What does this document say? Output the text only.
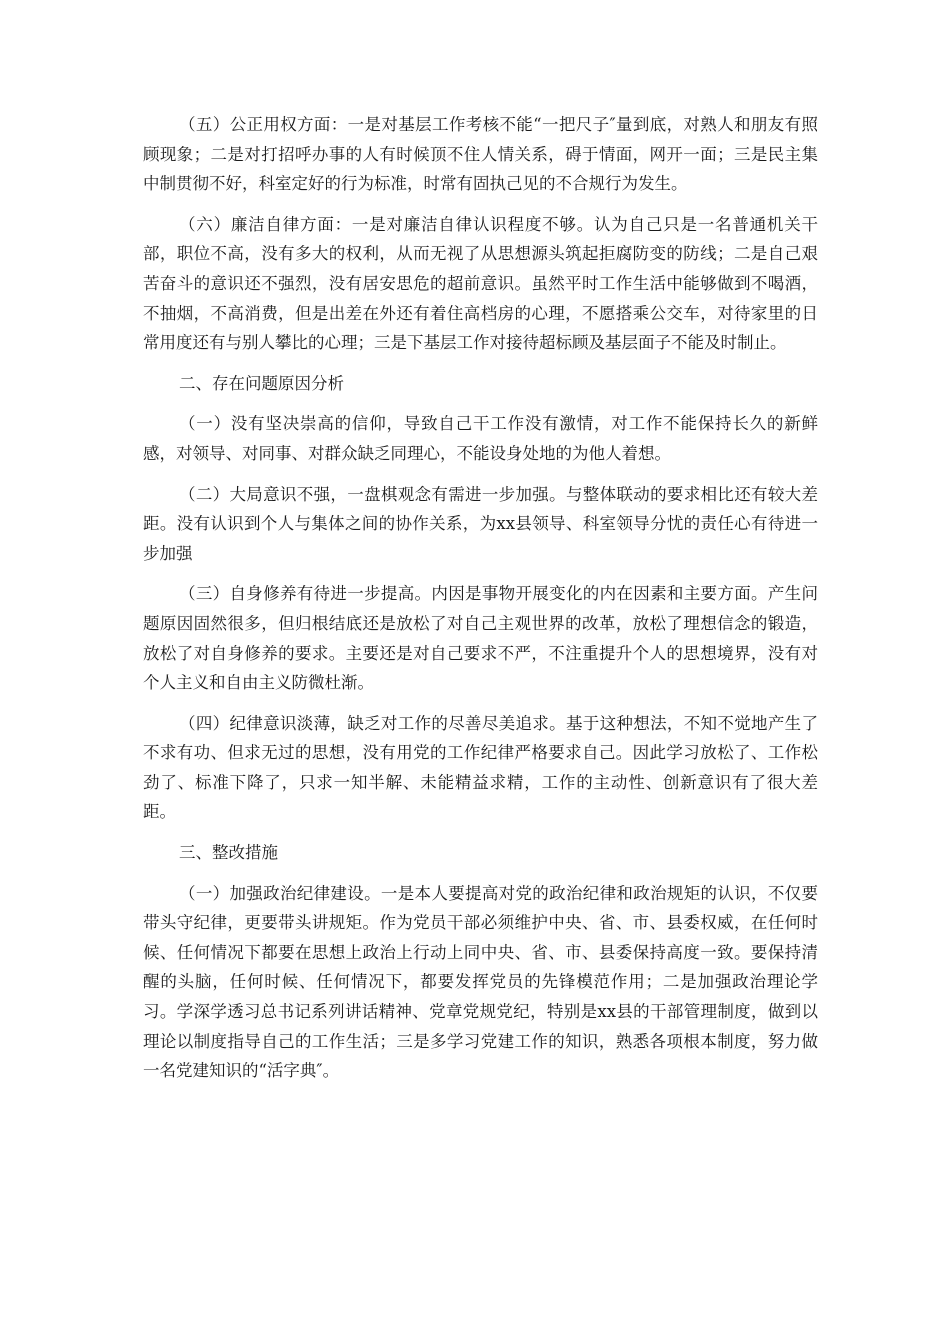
（五）公正用权方面：一是对基层工作考核不能“一把尺子″量到底，对熟人和朋友有照顾现象；二是对打招呼办事的人有时候顶不住人情关系，碍于情面，网开一面；三是民主集中制贯彻不好，科室定好的行为标准，时常有固执己见的不合规行为发生。

（六）廉洁自律方面：一是对廉洁自律认识程度不够。认为自己只是一名普通机关干部，职位不高，没有多大的权利，从而无视了从思想源头筑起拒腐防变的防线；二是自己艰苦奋斗的意识还不强烈，没有居安思危的超前意识。虽然平时工作生活中能够做到不喝酒，不抽烟，不高消费，但是出差在外还有着住高档房的心理，不愿搭乘公交车，对待家里的日常用度还有与别人攀比的心理；三是下基层工作对接待超标顾及基层面子不能及时制止。

二、存在问题原因分析

（一）没有坚决崇高的信仰，导致自己干工作没有激情，对工作不能保持长久的新鲜感，对领导、对同事、对群众缺乏同理心，不能设身处地的为他人着想。

（二）大局意识不强，一盘棋观念有需进一步加强。与整体联动的要求相比还有较大差距。没有认识到个人与集体之间的协作关系，为xx县领导、科室领导分忧的责任心有待进一步加强

（三）自身修养有待进一步提高。内因是事物开展变化的内在因素和主要方面。产生问题原因固然很多，但归根结底还是放松了对自己主观世界的改革，放松了理想信念的锻造，放松了对自身修养的要求。主要还是对自己要求不严，不注重提升个人的思想境界，没有对个人主义和自由主义防微杜渐。

（四）纪律意识淡薄，缺乏对工作的尽善尽美追求。基于这种想法，不知不觉地产生了不求有功、但求无过的思想，没有用党的工作纪律严格要求自己。因此学习放松了、工作松劲了、标准下降了，只求一知半解、未能精益求精，工作的主动性、创新意识有了很大差距。

三、整改措施

（一）加强政治纪律建设。一是本人要提高对党的政治纪律和政治规矩的认识，不仅要带头守纪律，更要带头讲规矩。作为党员干部必须维护中央、省、市、县委权威，在任何时候、任何情况下都要在思想上政治上行动上同中央、省、市、县委保持高度一致。要保持清醒的头脑，任何时候、任何情况下，都要发挥党员的先锋模范作用；二是加强政治理论学习。学深学透习总书记系列讲话精神、党章党规党纪，特别是xx县的干部管理制度，做到以理论以制度指导自己的工作生活；三是多学习党建工作的知识，熟悉各项根本制度，努力做一名党建知识的“活字典″。
